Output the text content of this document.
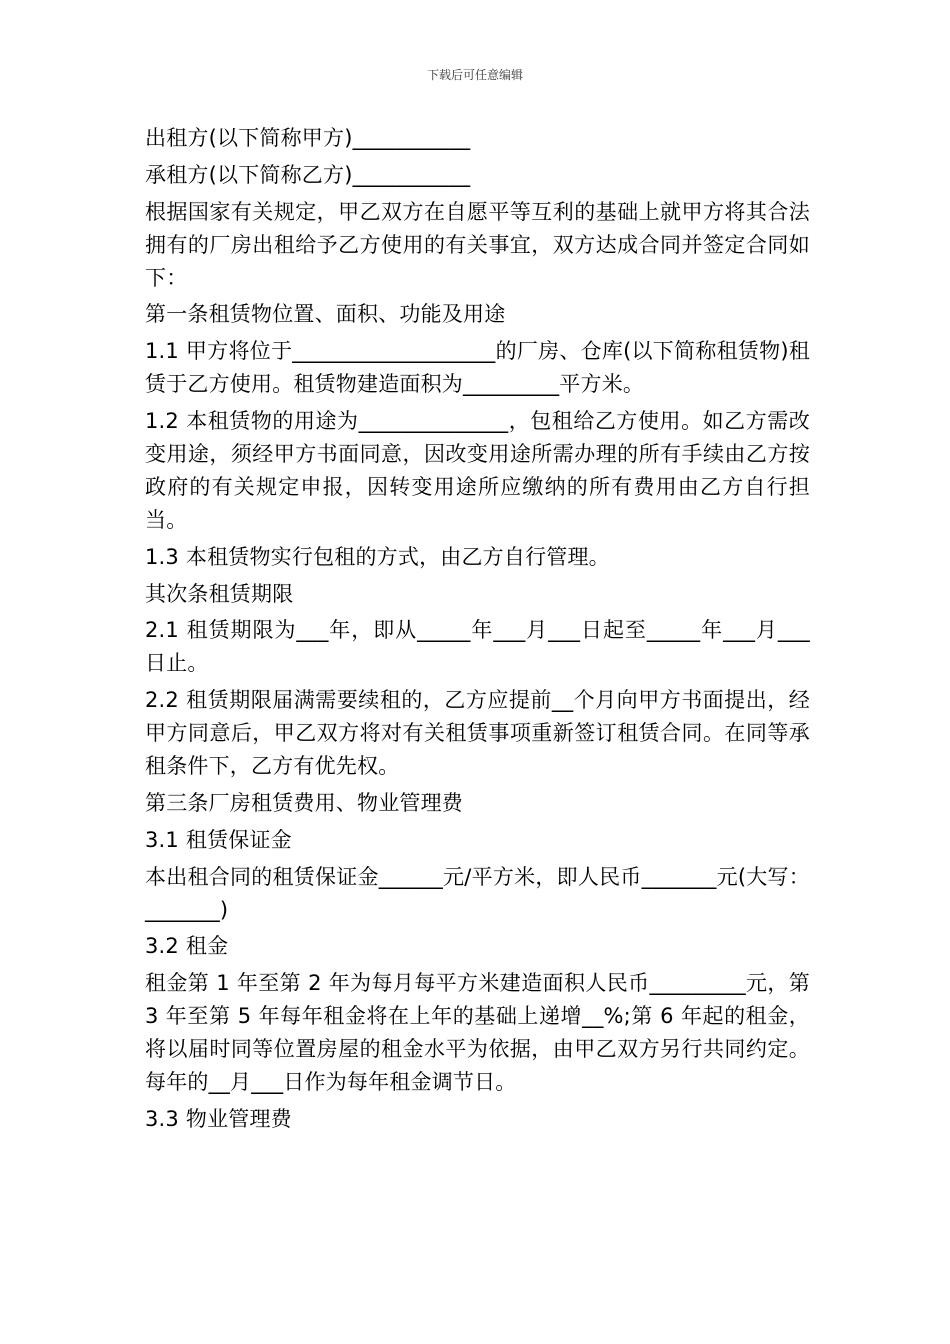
下载后可任意编辑

出租方(以下简称甲方)___________

承租方(以下简称乙方)___________

根据国家有关规定，甲乙双方在自愿平等互利的基础上就甲方将其合法拥有的厂房出租给予乙方使用的有关事宜，双方达成合同并签定合同如下：

第一条租赁物位置、面积、功能及用途

1.1 甲方将位于___________________的厂房、仓库(以下简称租赁物)租赁于乙方使用。租赁物建造面积为_________平方米。

1.2 本租赁物的用途为______________，包租给乙方使用。如乙方需改变用途，须经甲方书面同意，因改变用途所需办理的所有手续由乙方按政府的有关规定申报，因转变用途所应缴纳的所有费用由乙方自行担当。

1.3 本租赁物实行包租的方式，由乙方自行管理。

其次条租赁期限

2.1 租赁期限为___年，即从_____年___月___日起至_____年___月___日止。

2.2 租赁期限届满需要续租的，乙方应提前__个月向甲方书面提出，经甲方同意后，甲乙双方将对有关租赁事项重新签订租赁合同。在同等承租条件下，乙方有优先权。

第三条厂房租赁费用、物业管理费

3.1 租赁保证金

本出租合同的租赁保证金______元/平方米，即人民币_______元(大写：_______)

3.2 租金

租金第 1 年至第 2 年为每月每平方米建造面积人民币_________元，第 3 年至第 5 年每年租金将在上年的基础上递增__%;第 6 年起的租金，将以届时同等位置房屋的租金水平为依据，由甲乙双方另行共同约定。每年的__月___日作为每年租金调节日。

3.3 物业管理费
